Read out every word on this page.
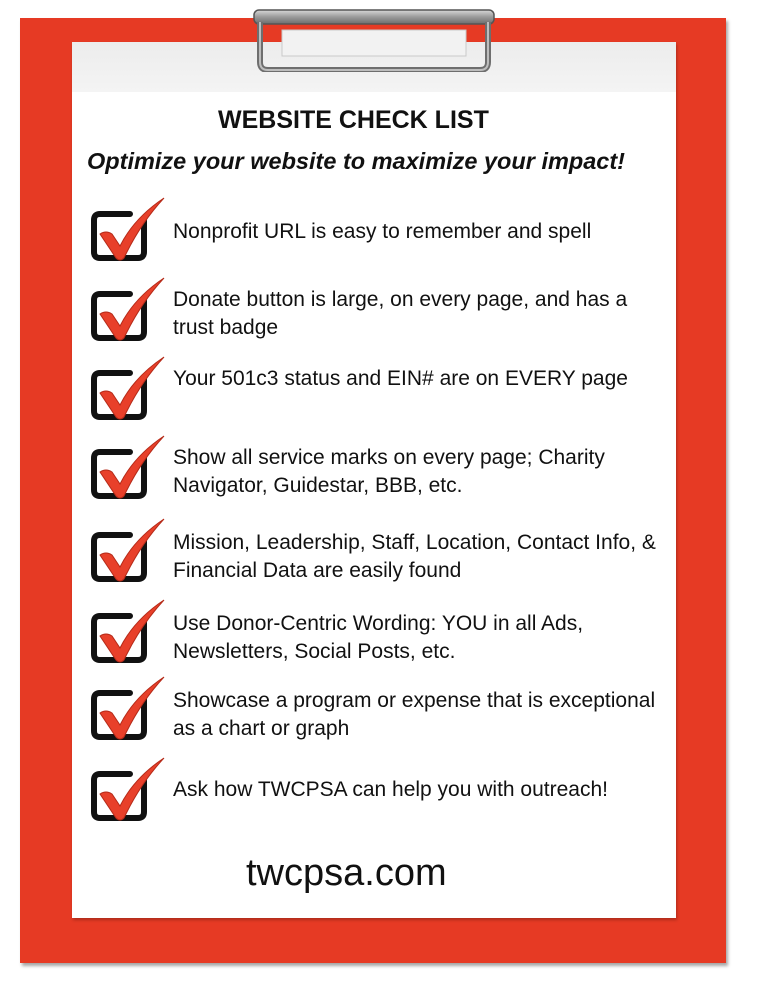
WEBSITE CHECK LIST
Optimize your website to maximize your impact!
Nonprofit URL is easy to remember and spell
Donate button is large, on every page, and has a trust badge
Your 501c3 status and EIN# are on EVERY page
Show all service marks on every page; Charity Navigator, Guidestar, BBB, etc.
Mission, Leadership, Staff, Location, Contact Info, & Financial Data are easily found
Use Donor-Centric Wording: YOU in all Ads, Newsletters, Social Posts, etc.
Showcase a program or expense that is exceptional as a chart or graph
Ask how TWCPSA can help you with outreach!
twcpsa.com
